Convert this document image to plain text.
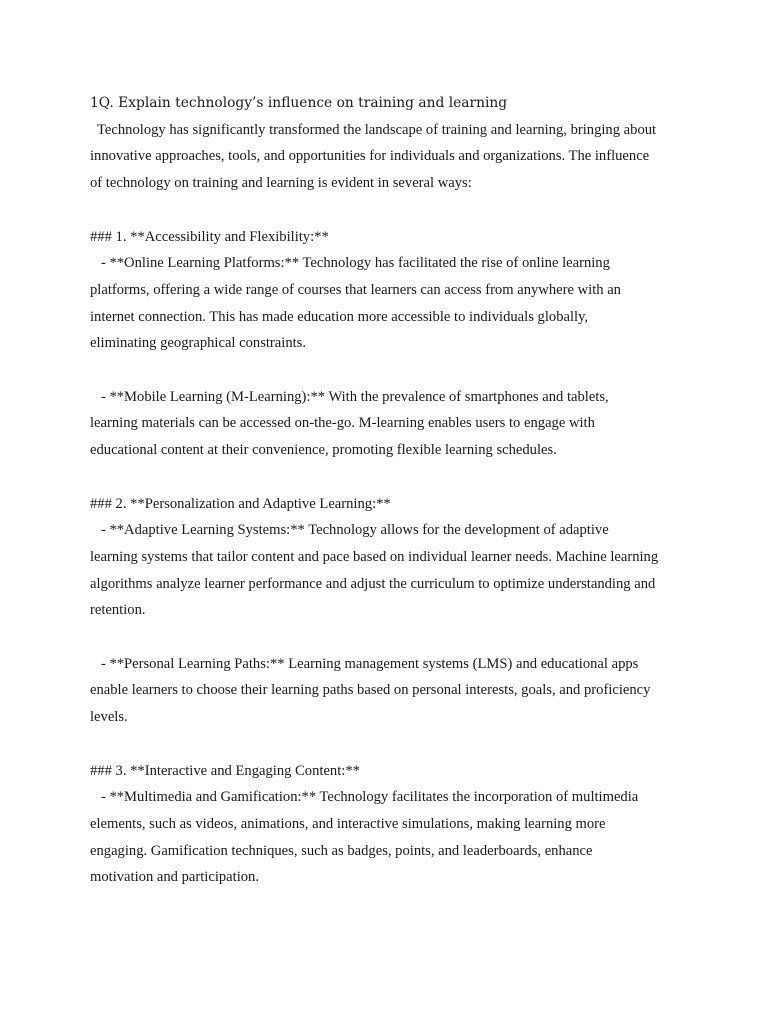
1Q. Explain technology’s influence on training and learning

Technology has significantly transformed the landscape of training and learning, bringing about

innovative approaches, tools, and opportunities for individuals and organizations. The influence

of technology on training and learning is evident in several ways:

### 1. **Accessibility and Flexibility:**

- **Online Learning Platforms:** Technology has facilitated the rise of online learning

platforms, offering a wide range of courses that learners can access from anywhere with an

internet connection. This has made education more accessible to individuals globally,

eliminating geographical constraints.

- **Mobile Learning (M-Learning):** With the prevalence of smartphones and tablets,

learning materials can be accessed on-the-go. M-learning enables users to engage with

educational content at their convenience, promoting flexible learning schedules.

### 2. **Personalization and Adaptive Learning:**

- **Adaptive Learning Systems:** Technology allows for the development of adaptive

learning systems that tailor content and pace based on individual learner needs. Machine learning

algorithms analyze learner performance and adjust the curriculum to optimize understanding and

retention.

- **Personal Learning Paths:** Learning management systems (LMS) and educational apps

enable learners to choose their learning paths based on personal interests, goals, and proficiency

levels.

### 3. **Interactive and Engaging Content:**

- **Multimedia and Gamification:** Technology facilitates the incorporation of multimedia

elements, such as videos, animations, and interactive simulations, making learning more

engaging. Gamification techniques, such as badges, points, and leaderboards, enhance

motivation and participation.
